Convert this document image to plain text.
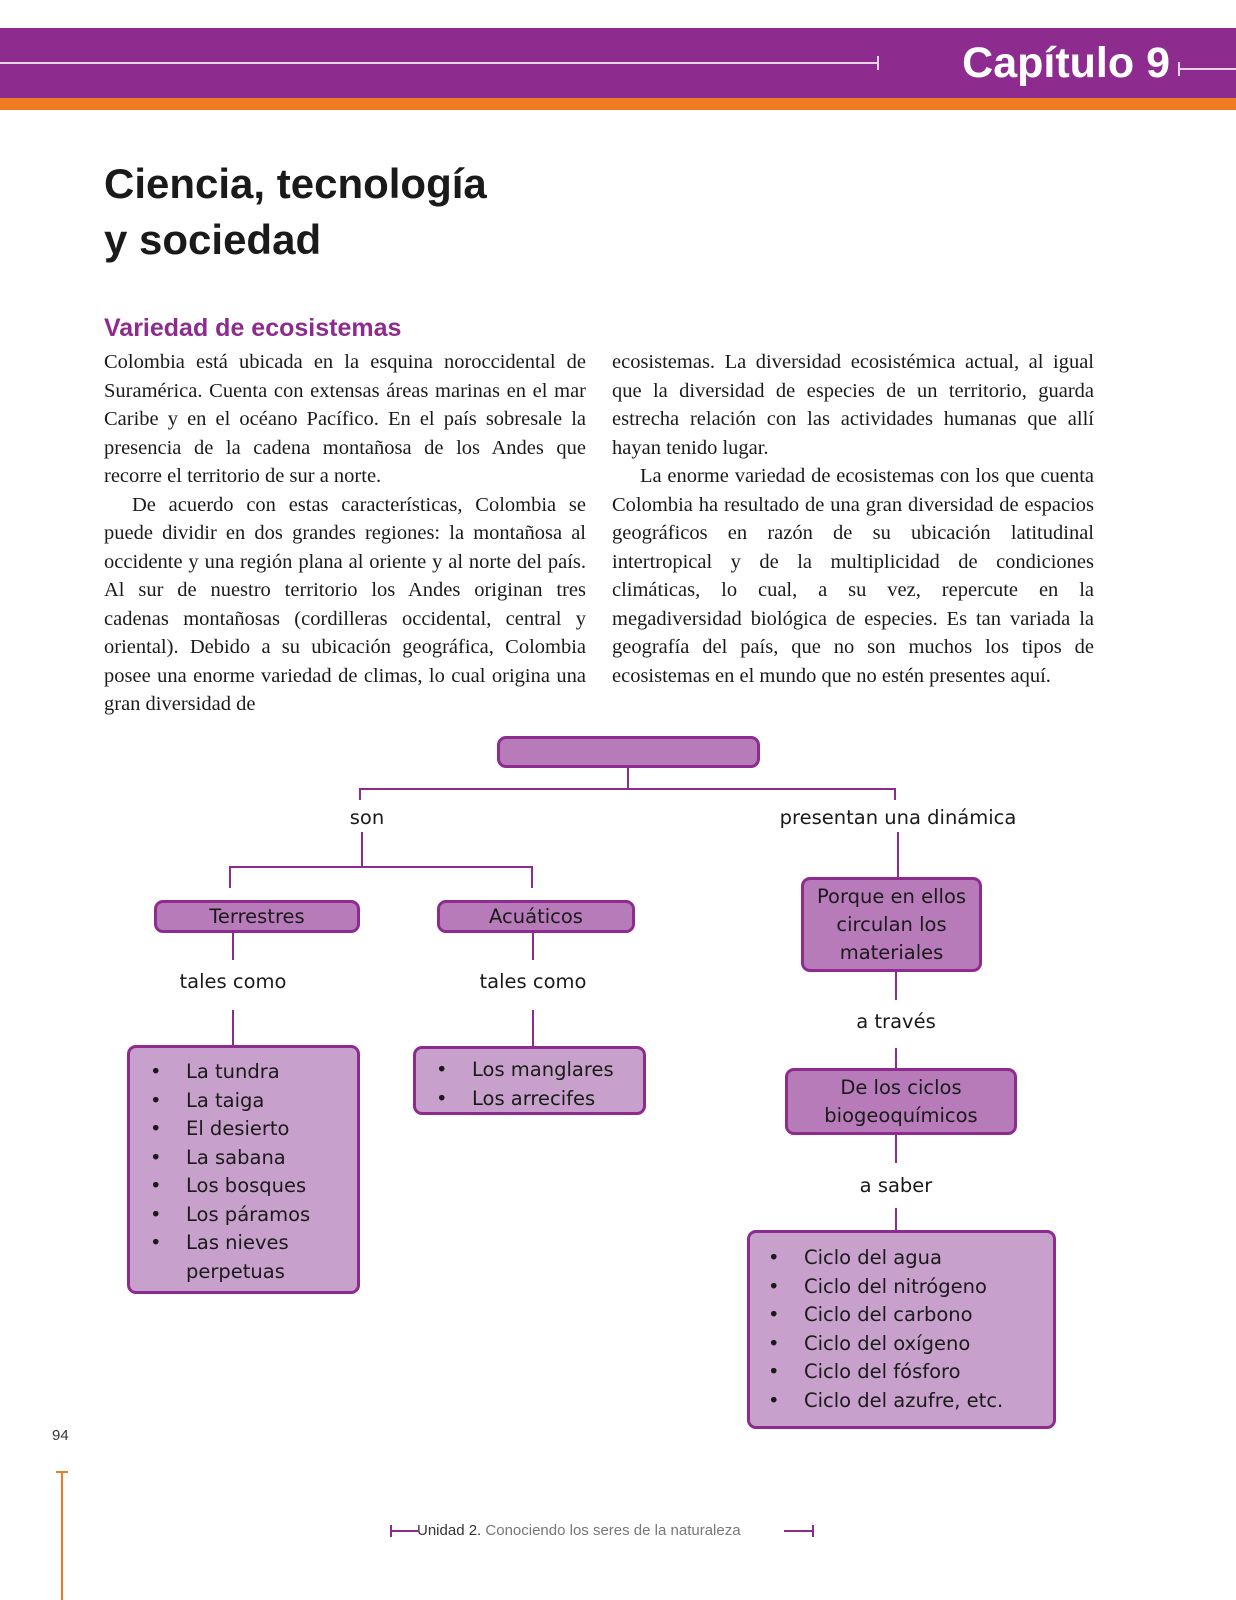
Capítulo 9
Ciencia, tecnología
y sociedad
Variedad de ecosistemas

Colombia está ubicada en la esquina noroccidental de Suramérica. Cuenta con extensas áreas marinas en el mar Caribe y en el océano Pacífico. En el país sobresale la presencia de la cadena montañosa de los Andes que recorre el territorio de sur a norte.

De acuerdo con estas características, Colombia se puede dividir en dos grandes regiones: la montañosa al occidente y una región plana al oriente y al norte del país. Al sur de nuestro territorio los Andes originan tres cadenas montañosas (cordilleras occidental, central y oriental). Debido a su ubicación geográfica, Colombia posee una enorme variedad de climas, lo cual origina una gran diversidad de

ecosistemas. La diversidad ecosistémica actual, al igual que la diversidad de especies de un territorio, guarda estrecha relación con las actividades humanas que allí hayan tenido lugar.

La enorme variedad de ecosistemas con los que cuenta Colombia ha resultado de una gran diversidad de espacios geográficos en razón de su ubicación latitudinal intertropical y de la multiplicidad de condiciones climáticas, lo cual, a su vez, repercute en la megadiversidad biológica de especies. Es tan variada la geografía del país, que no son muchos los tipos de ecosistemas en el mundo que no estén presentes aquí.

son	presentan una dinámica
Terrestres	Acuáticos
tales como	tales como
• La tundra
• La taiga
• El desierto
• La sabana
• Los bosques
• Los páramos
• Las nieves
perpetuas
• Los manglares
• Los arrecifes
Porque en ellos
circulan los
materiales
a través
De los ciclos
biogeoquímicos
a saber
• Ciclo del agua
• Ciclo del nitrógeno
• Ciclo del carbono
• Ciclo del oxígeno
• Ciclo del fósforo
• Ciclo del azufre, etc.
94
Unidad 2. Conociendo los seres de la naturaleza
